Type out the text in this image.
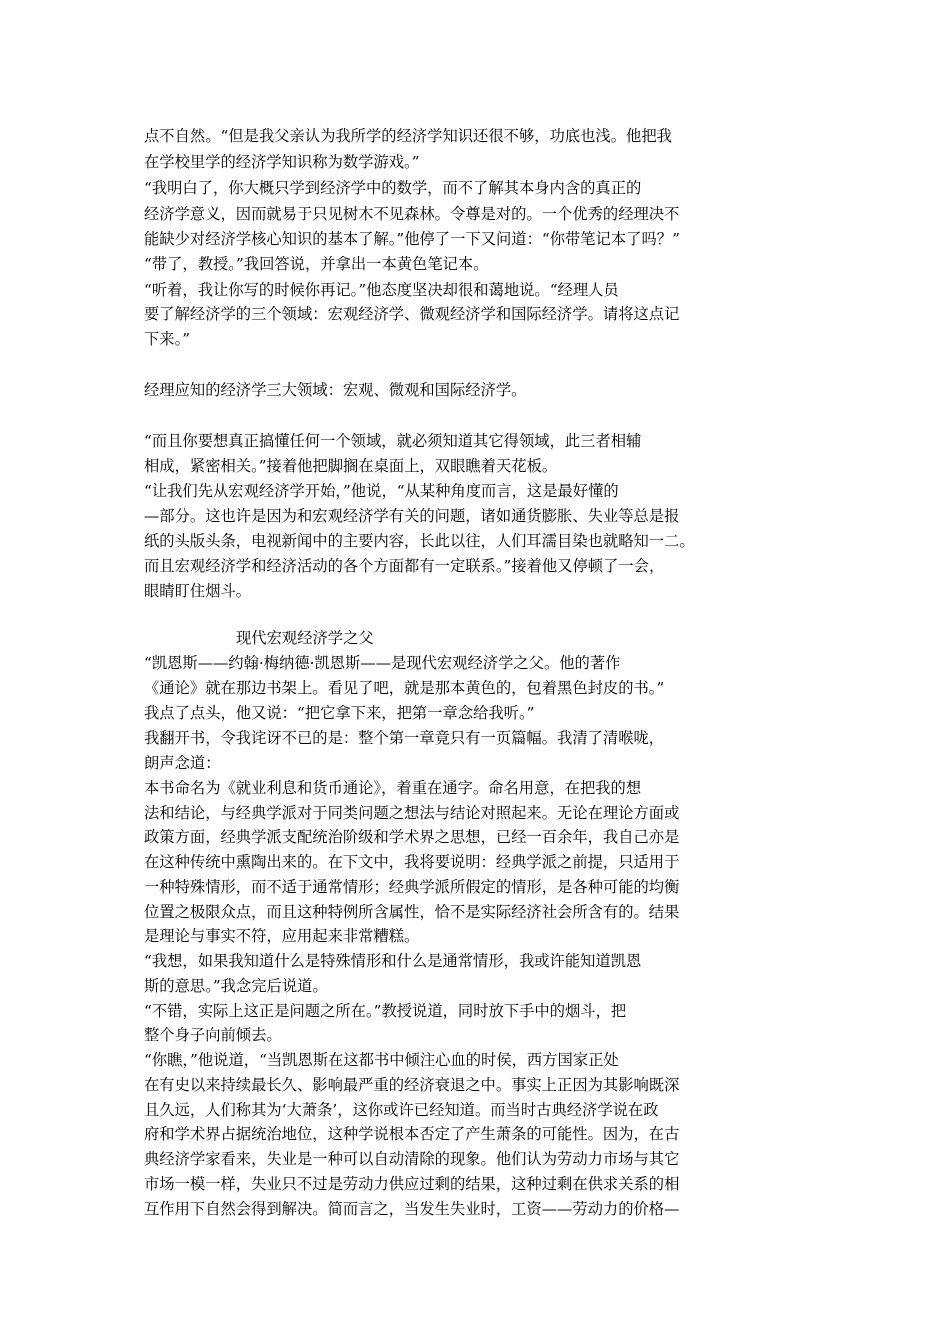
点不自然。“但是我父亲认为我所学的经济学知识还很不够，功底也浅。他把我
在学校里学的经济学知识称为数学游戏。”
“我明白了，你大概只学到经济学中的数学，而不了解其本身内含的真正的
经济学意义，因而就易于只见树木不见森林。令尊是对的。一个优秀的经理决不
能缺少对经济学核心知识的基本了解。”他停了一下又问道：“你带笔记本了吗？”
“带了，教授。”我回答说，并拿出一本黄色笔记本。
“听着，我让你写的时候你再记。”他态度坚决却很和蔼地说。“经理人员
要了解经济学的三个领域：宏观经济学、微观经济学和国际经济学。请将这点记
下来。”
经理应知的经济学三大领域：宏观、微观和国际经济学。
“而且你要想真正搞懂任何一个领域，就必须知道其它得领域，此三者相辅
相成，紧密相关。”接着他把脚搁在桌面上，双眼瞧着天花板。
“让我们先从宏观经济学开始，”他说，“从某种角度而言，这是最好懂的
—部分。这也许是因为和宏观经济学有关的问题，诸如通货膨胀、失业等总是报
纸的头版头条，电视新闻中的主要内容，长此以往，人们耳濡目染也就略知一二。
而且宏观经济学和经济活动的各个方面都有一定联系。”接着他又停顿了一会，
眼睛盯住烟斗。
现代宏观经济学之父
“凯恩斯——约翰·梅纳德·凯恩斯——是现代宏观经济学之父。他的著作
《通论》就在那边书架上。看见了吧，就是那本黄色的，包着黑色封皮的书。”
我点了点头，他又说：“把它拿下来，把第一章念给我听。”
我翻开书，令我诧讶不已的是：整个第一章竟只有一页篇幅。我清了清喉咙，
朗声念道：
本书命名为《就业利息和货币通论》，着重在通字。命名用意，在把我的想
法和结论，与经典学派对于同类问题之想法与结论对照起来。无论在理论方面或
政策方面，经典学派支配统治阶级和学术界之思想，已经一百余年，我自己亦是
在这种传统中熏陶出来的。在下文中，我将要说明：经典学派之前提，只适用于
一种特殊情形，而不适于通常情形；经典学派所假定的情形，是各种可能的均衡
位置之极限众点，而且这种特例所含属性，恰不是实际经济社会所含有的。结果
是理论与事实不符，应用起来非常糟糕。
“我想，如果我知道什么是特殊情形和什么是通常情形，我或许能知道凯恩
斯的意思。”我念完后说道。
“不错，实际上这正是问题之所在。”教授说道，同时放下手中的烟斗，把
整个身子向前倾去。
“你瞧，”他说道，“当凯恩斯在这都书中倾注心血的时侯，西方国家正处
在有史以来持续最长久、影响最严重的经济衰退之中。事实上正因为其影响既深
且久远，人们称其为‘大萧条’，这你或许已经知道。而当时古典经济学说在政
府和学术界占据统治地位，这种学说根本否定了产生萧条的可能性。因为，在古
典经济学家看来，失业是一种可以自动清除的现象。他们认为劳动力市场与其它
市场一模一样，失业只不过是劳动力供应过剩的结果，这种过剩在供求关系的相
互作用下自然会得到解决。简而言之，当发生失业时，工资——劳动力的价格—
